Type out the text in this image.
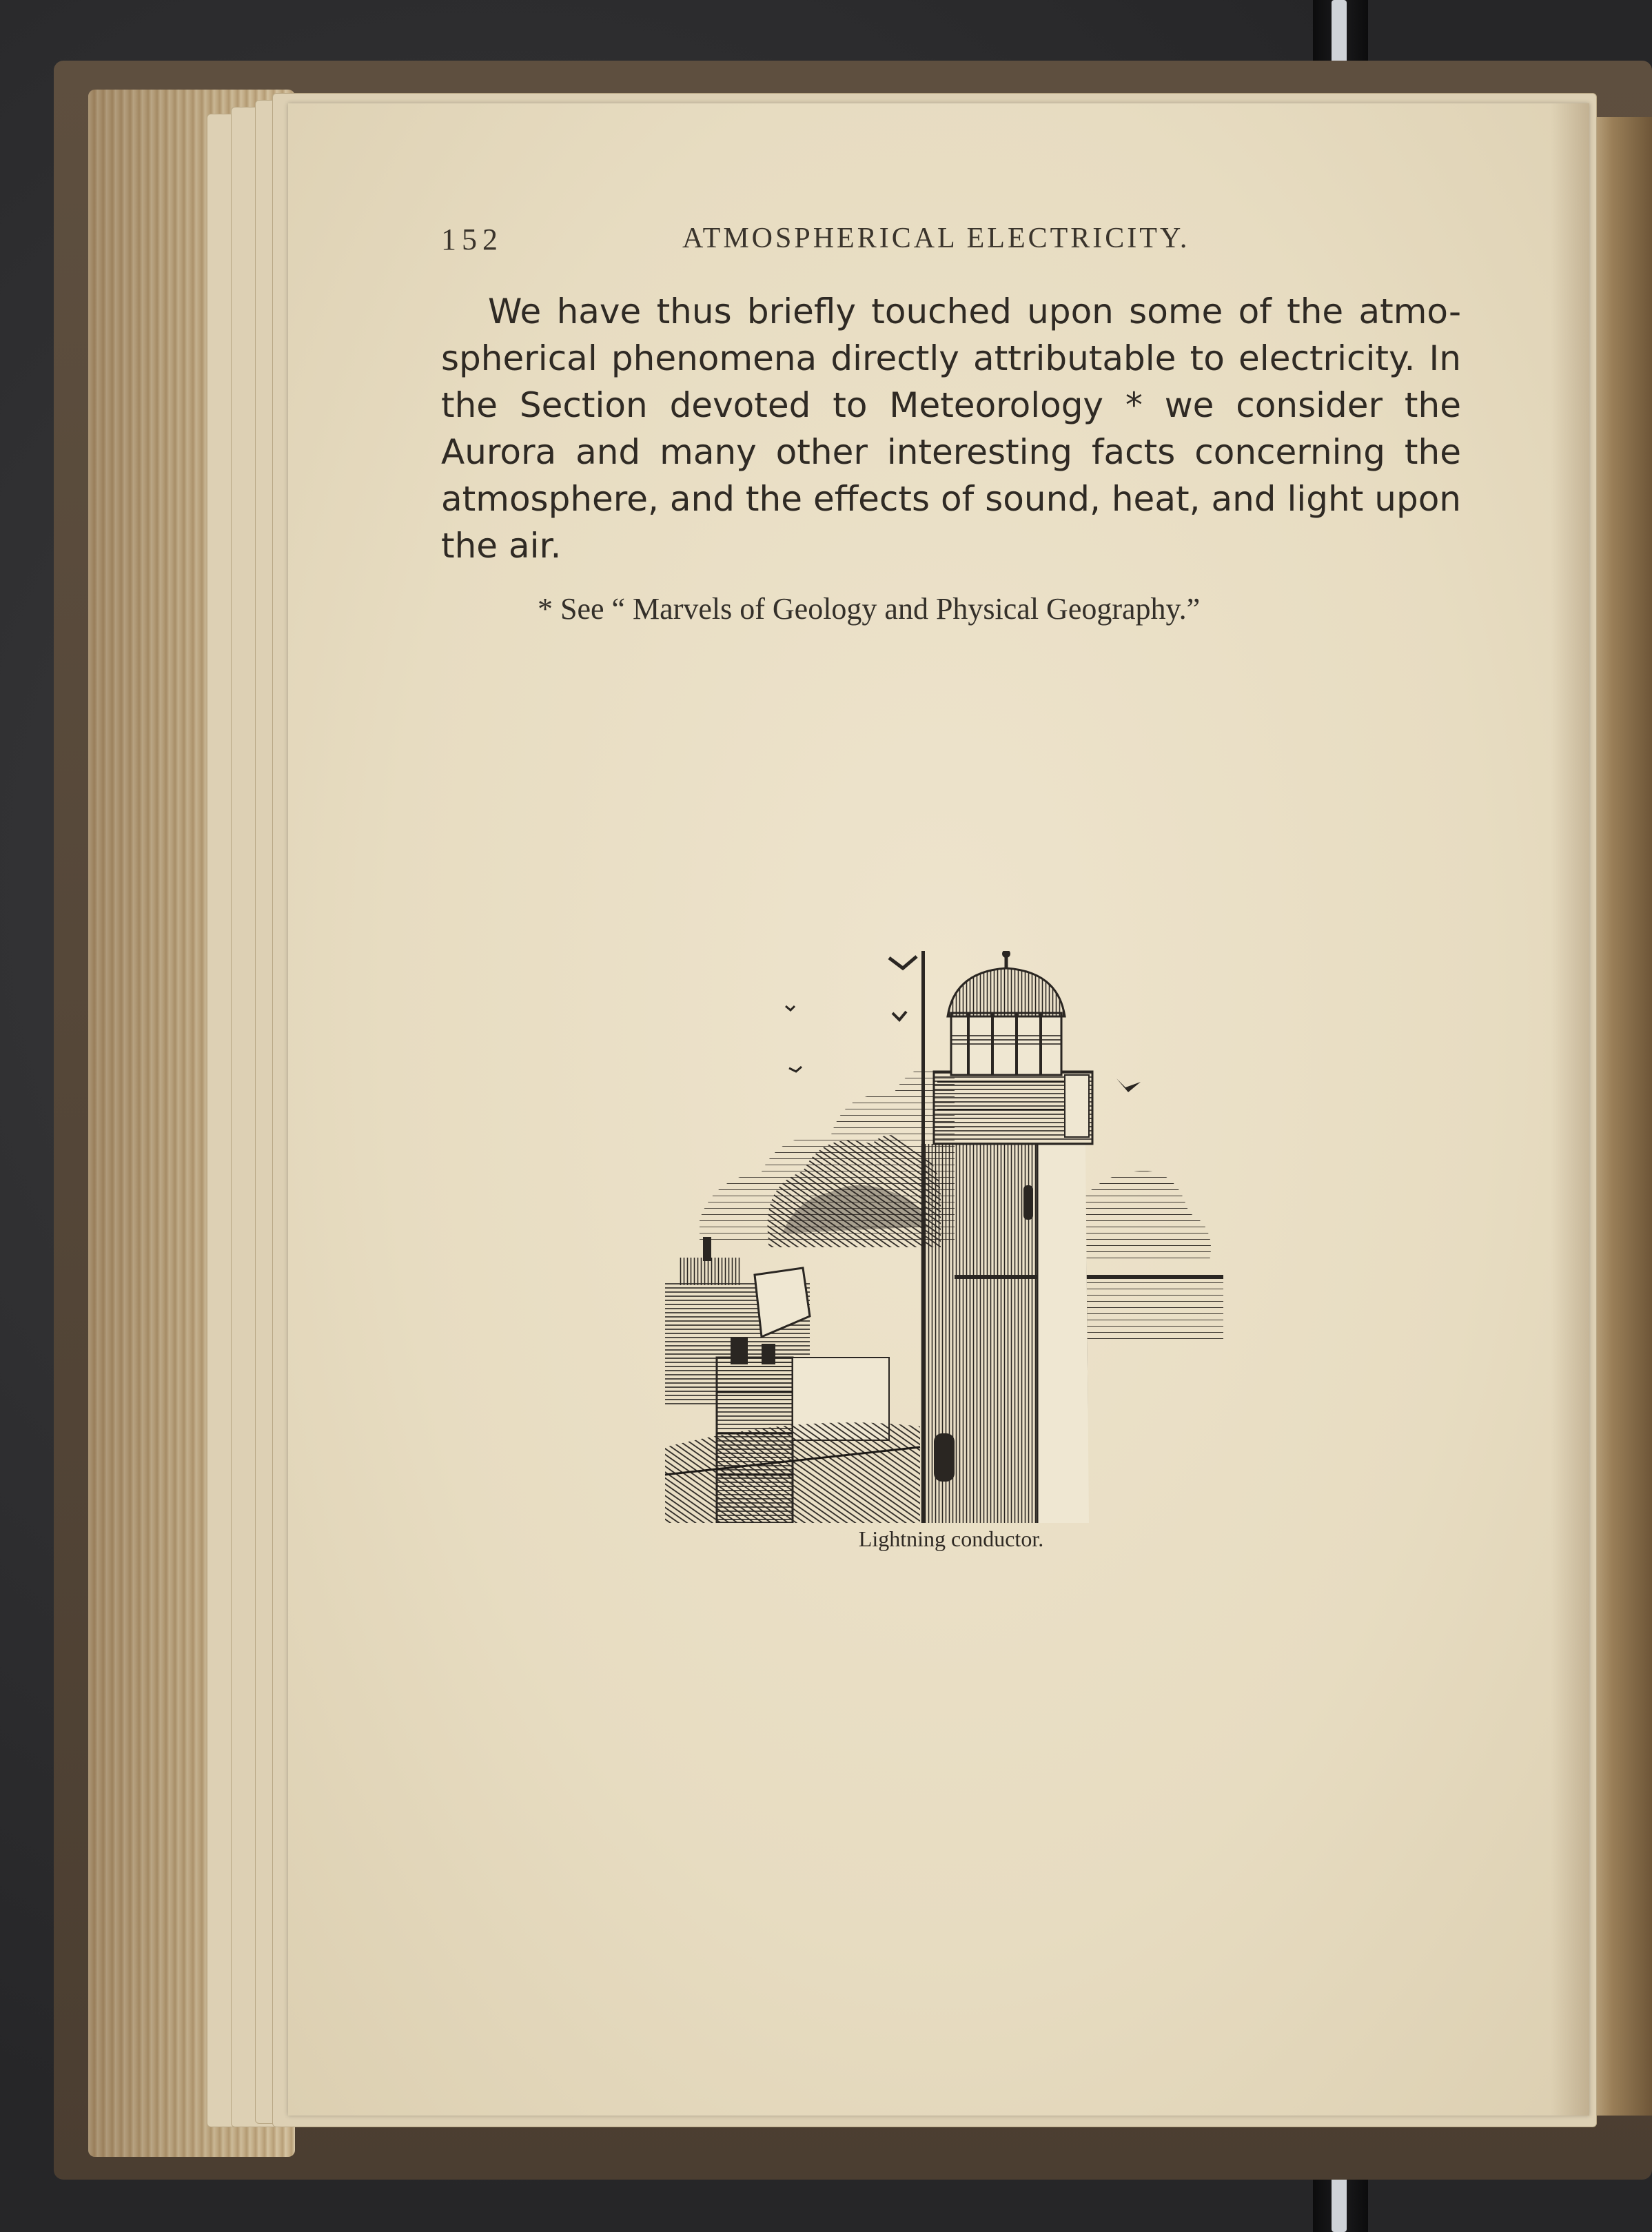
152	ATMOSPHERICAL ELECTRICITY.
We have thus briefly touched upon some of the atmo-
spherical phenomena directly attributable to electricity. In
the Section devoted to Meteorology * we consider the
Aurora and many other interesting facts concerning the
atmosphere, and the effects of sound, heat, and light upon
the air.
* See “ Marvels of Geology and Physical Geography.”
Lightning conductor.
